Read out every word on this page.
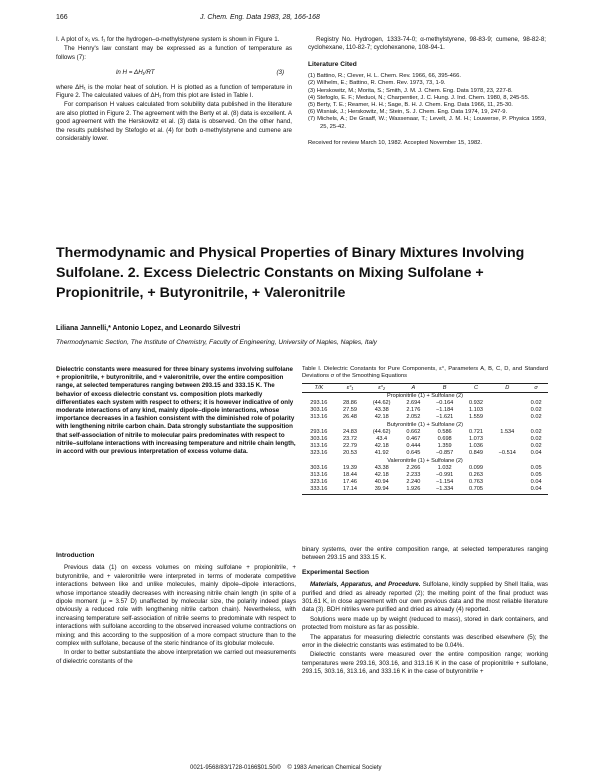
166	J. Chem. Eng. Data 1983, 28, 166-168

I. A plot of x₁ vs. f₁ for the hydrogen–α-methylstyrene system is shown in Figure 1.

The Henry's law constant may be expressed as a function of temperature as follows (7):

ln H = ΔH₁/RT	(3)

where ΔH₁ is the molar heat of solution. H is plotted as a function of temperature in Figure 2. The calculated values of ΔH₁ from this plot are listed in Table I.

For comparison H values calculated from solubility data published in the literature are also plotted in Figure 2. The agreement with the Berty et al. (8) data is excellent. A good agreement with the Herskowitz et al. (3) data is observed. On the other hand, the results published by Stefoglo et al. (4) for both α-methylstyrene and cumene are considerably lower.

Registry No. Hydrogen, 1333-74-0; α-methylstyrene, 98-83-9; cumene, 98-82-8; cyclohexane, 110-82-7; cyclohexanone, 108-94-1.

Literature Cited
(1) Battino, R.; Clever, H. L. Chem. Rev. 1966, 66, 395-466.
(2) Wilhelm, E.; Battino, R. Chem. Rev. 1973, 73, 1-9.
(3) Herskowitz, M.; Morita, S.; Smith, J. M. J. Chem. Eng. Data 1978, 23, 227-8.
(4) Stefoglo, E. F.; Meduoi, N.; Charpentier, J. C. Hung. J. Ind. Chem. 1980, 8, 245-55.
(5) Berty, T. E.; Reamer, H. H.; Sage, B. H. J. Chem. Eng. Data 1966, 11, 25-30.
(6) Wisniak, J.; Herskowitz, M.; Stein, S. J. Chem. Eng. Data 1974, 19, 247-9.
(7) Michels, A.; De Graaff, W.; Wassenaar, T.; Levelt, J. M. H.; Louwerse, P. Physica 1959, 25, 25-42.

Received for review March 10, 1982. Accepted November 15, 1982.

Thermodynamic and Physical Properties of Binary Mixtures Involving Sulfolane. 2. Excess Dielectric Constants on Mixing Sulfolane + Propionitrile, + Butyronitrile, + Valeronitrile
Liliana Jannelli,* Antonio Lopez, and Leonardo Silvestri
Thermodynamic Section, The Institute of Chemistry, Faculty of Engineering, University of Naples, Naples, Italy
Dielectric constants were measured for three binary systems involving sulfolane + propionitrile, + butyronitrile, and + valeronitrile, over the entire composition range, at selected temperatures ranging between 293.15 and 333.15 K. The behavior of excess dielectric constant vs. composition plots markedly differentiates each system with respect to others; it is however indicative of only moderate interactions of any kind, mainly dipole–dipole interactions, whose importance decreases in a fashion consistent with the diminished role of polarity with lengthening nitrile carbon chain. Data strongly substantiate the supposition that self-association of nitrile to molecular pairs predominates with respect to nitrile–sulfolane interactions with increasing temperature and nitrile chain length, in accord with our previous interpretation of excess volume data.
Introduction

Previous data (1) on excess volumes on mixing sulfolane + propionitrile, + butyronitrile, and + valeronitrile were interpreted in terms of moderate competitive interactions between like and unlike molecules, mainly dipole–dipole interactions, whose importance steadily decreases with increasing nitrile chain length (in spite of a dipole moment (μ = 3.57 D) unaffected by molecular size, the polarity indeed plays obviously a reduced role with lengthening nitrile carbon chain). Nevertheless, with increasing temperature self-association of nitrile seems to predominate with respect to interactions with sulfolane according to the observed increased volume contractions on mixing; and this according to the supposition of a more compact structure than to the complex with sulfolane, because of the steric hindrance of its globular molecule.

In order to better substantiate the above interpretation we carried out measurements of dielectric constants of the

Table I. Dielectric Constants for Pure Components, ε°, Parameters A, B, C, D, and Standard Deviations σ of the Smoothing Equations
T/K	ε°₁	ε°₂	A	B	C	D	σ
Propionitrile (1) + Sulfolane (2)							
293.16	28.86	(44.62)	2.694	−0.164	0.932		0.02
303.16	27.59	43.38	2.176	−1.184	1.103		0.02
313.16	26.48	42.18	2.052	−1.621	1.559		0.02
Butyronitrile (1) + Sulfolane (2)							
293.16	24.83	(44.62)	0.662	0.586	0.721	1.534	0.02
303.16	23.72	43.4	0.467	0.698	1.073		0.02
313.16	22.79	42.18	0.444	1.359	1.036		0.02
323.16	20.53	41.92	0.645	−0.857	0.849	−0.514	0.04
Valeronitrile (1) + Sulfolane (2)							
303.16	19.39	43.38	2.266	1.032	0.099		0.05
313.16	18.44	42.18	2.233	−0.991	0.263		0.05
323.16	17.46	40.94	2.240	−1.154	0.763		0.04
333.16	17.14	39.94	1.926	−1.334	0.705		0.04

binary systems, over the entire composition range, at selected temperatures ranging between 293.15 and 333.15 K.

Experimental Section

Materials, Apparatus, and Procedure. Sulfolane, kindly supplied by Shell Italia, was purified and dried as already reported (2); the melting point of the final product was 301.61 K, in close agreement with our own previous data and the most reliable literature data (3). BDH nitriles were purified and dried as already (4) reported.

Solutions were made up by weight (reduced to mass), stored in dark containers, and protected from moisture as far as possible.

The apparatus for measuring dielectric constants was described elsewhere (5); the error in the dielectric constants was estimated to be 0.04%.

Dielectric constants were measured over the entire composition range; working temperatures were 293.16, 303.16, and 313.16 K in the case of propionitrile + sulfolane, 293.15, 303.16, 313.16, and 333.16 K in the case of butyronitrile +

0021-9568/83/1728-0166$01.50/0 © 1983 American Chemical Society
